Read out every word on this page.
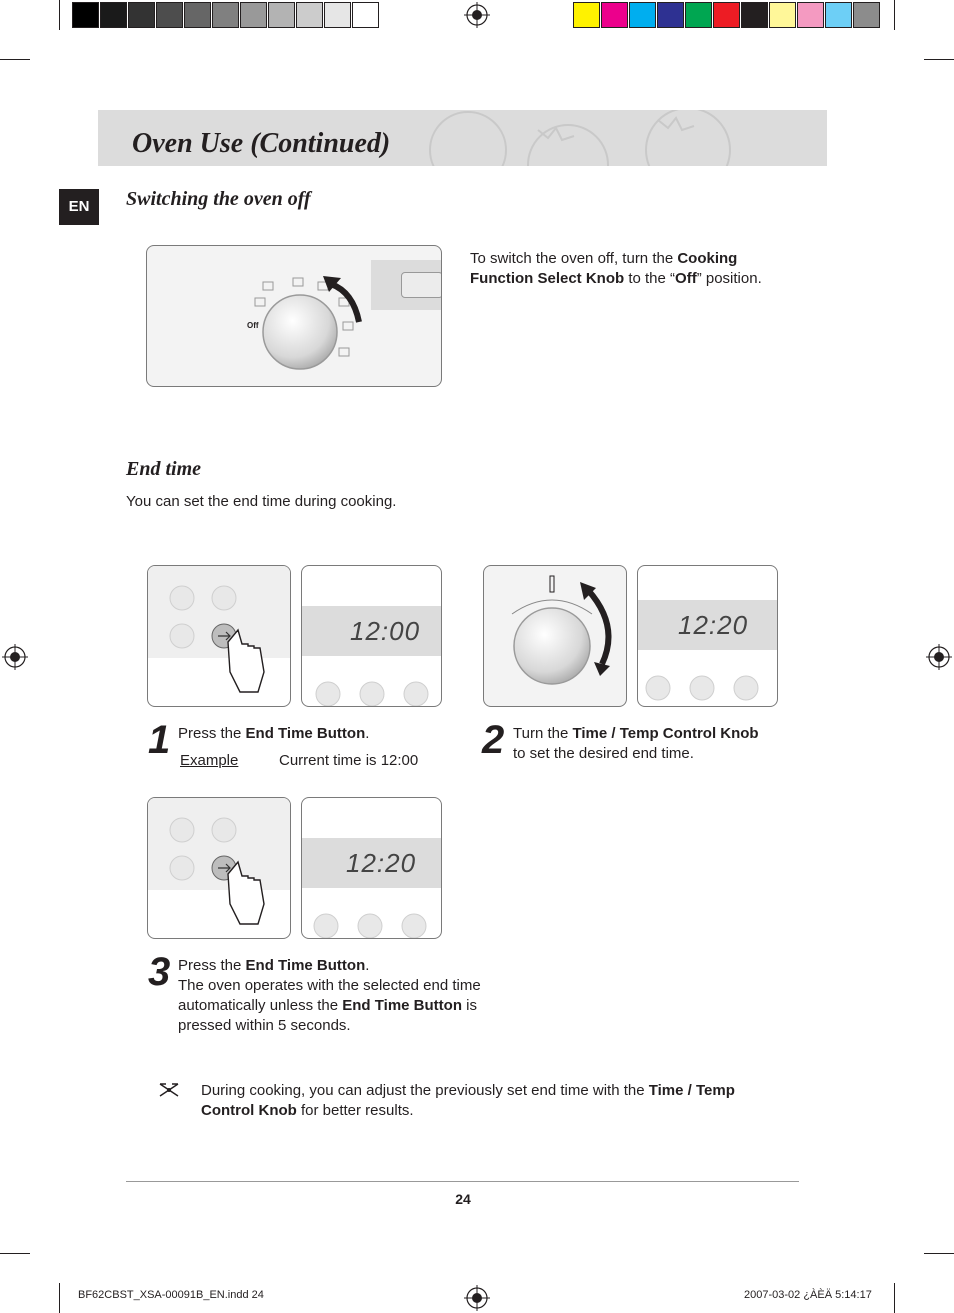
Oven Use (Continued)
EN	Switching the oven off
Off
To switch the oven off, turn the Cooking Function Select Knob to the “Off” position.
End time
You can set the end time during cooking.
12:00	12:20
1 Press the End Time Button.
Example	Current time is 12:00 2 Turn the Time / Temp Control Knob
to set the desired end time.
12:20
3 Press the End Time Button.
The oven operates with the selected end time
automatically unless the End Time Button is
pressed within 5 seconds.
During cooking, you can adjust the previously set end time with the Time / Temp
Control Knob for better results.
24
BF62CBST_XSA-00091B_EN.indd 24	2007-03-02 ¿ÀÈÄ 5:14:17
